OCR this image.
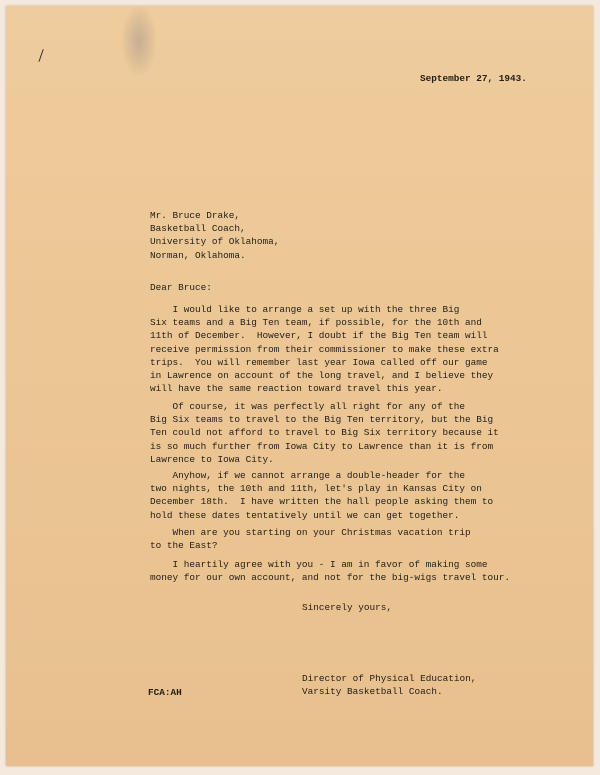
⁄
September 27, 1943.
Mr. Bruce Drake,
Basketball Coach,
University of Oklahoma,
Norman, Oklahoma.
Dear Bruce:
I would like to arrange a set up with the three Big
Six teams and a Big Ten team, if possible, for the 10th and
11th of December.  However, I doubt if the Big Ten team will
receive permission from their commissioner to make these extra
trips.  You will remember last year Iowa called off our game
in Lawrence on account of the long travel, and I believe they
will have the same reaction toward travel this year.
Of course, it was perfectly all right for any of the
Big Six teams to travel to the Big Ten territory, but the Big
Ten could not afford to travel to Big Six territory because it
is so much further from Iowa City to Lawrence than it is from
Lawrence to Iowa City.
Anyhow, if we cannot arrange a double-header for the
two nights, the 10th and 11th, let's play in Kansas City on
December 18th.  I have written the hall people asking them to
hold these dates tentatively until we can get together.
When are you starting on your Christmas vacation trip
to the East?
I heartily agree with you - I am in favor of making some
money for our own account, and not for the big-wigs travel tour.
Sincerely yours,
Director of Physical Education,
Varsity Basketball Coach.
FCA:AH
